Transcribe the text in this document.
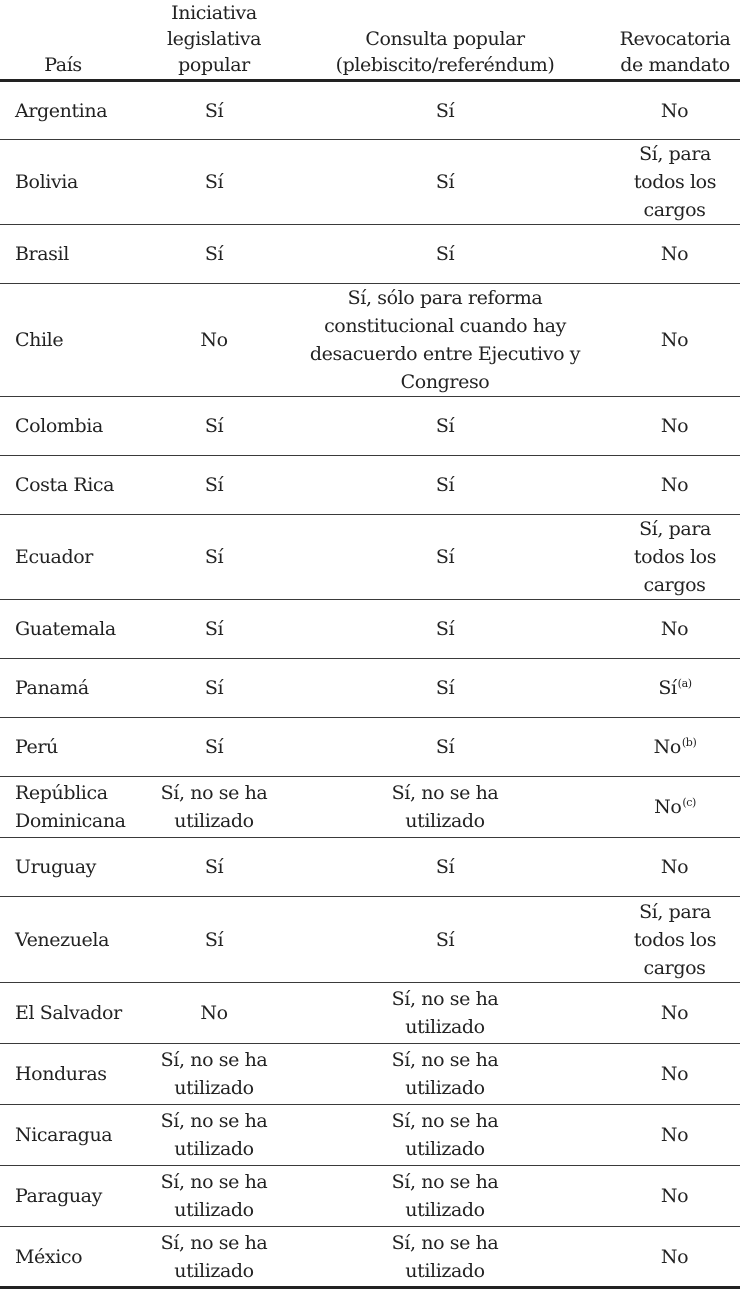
País	Iniciativa legislativa popular	Consulta popular (plebiscito/referéndum)	Revocatoria de mandato
Argentina	Sí	Sí	No
Bolivia	Sí	Sí	Sí, para todos los cargos
Brasil	Sí	Sí	No
Chile	No	Sí, sólo para reforma constitucional cuando hay desacuerdo entre Ejecutivo y Congreso	No
Colombia	Sí	Sí	No
Costa Rica	Sí	Sí	No
Ecuador	Sí	Sí	Sí, para todos los cargos
Guatemala	Sí	Sí	No
Panamá	Sí	Sí	$Sí^{(a)}$
Perú	Sí	Sí	No$^{(b)}$
República Dominicana	Sí, no se ha utilizado	Sí, no se ha utilizado	No$^{(c)}$
Uruguay	Sí	Sí	No
Venezuela	Sí	Sí	Sí, para todos los cargos
El Salvador	No	Sí, no se ha utilizado	No
Honduras	Sí, no se ha utilizado	Sí, no se ha utilizado	No
Nicaragua	Sí, no se ha utilizado	Sí, no se ha utilizado	No
Paraguay	Sí, no se ha utilizado	Sí, no se ha utilizado	No
México	Sí, no se ha utilizado	Sí, no se ha utilizado	No
